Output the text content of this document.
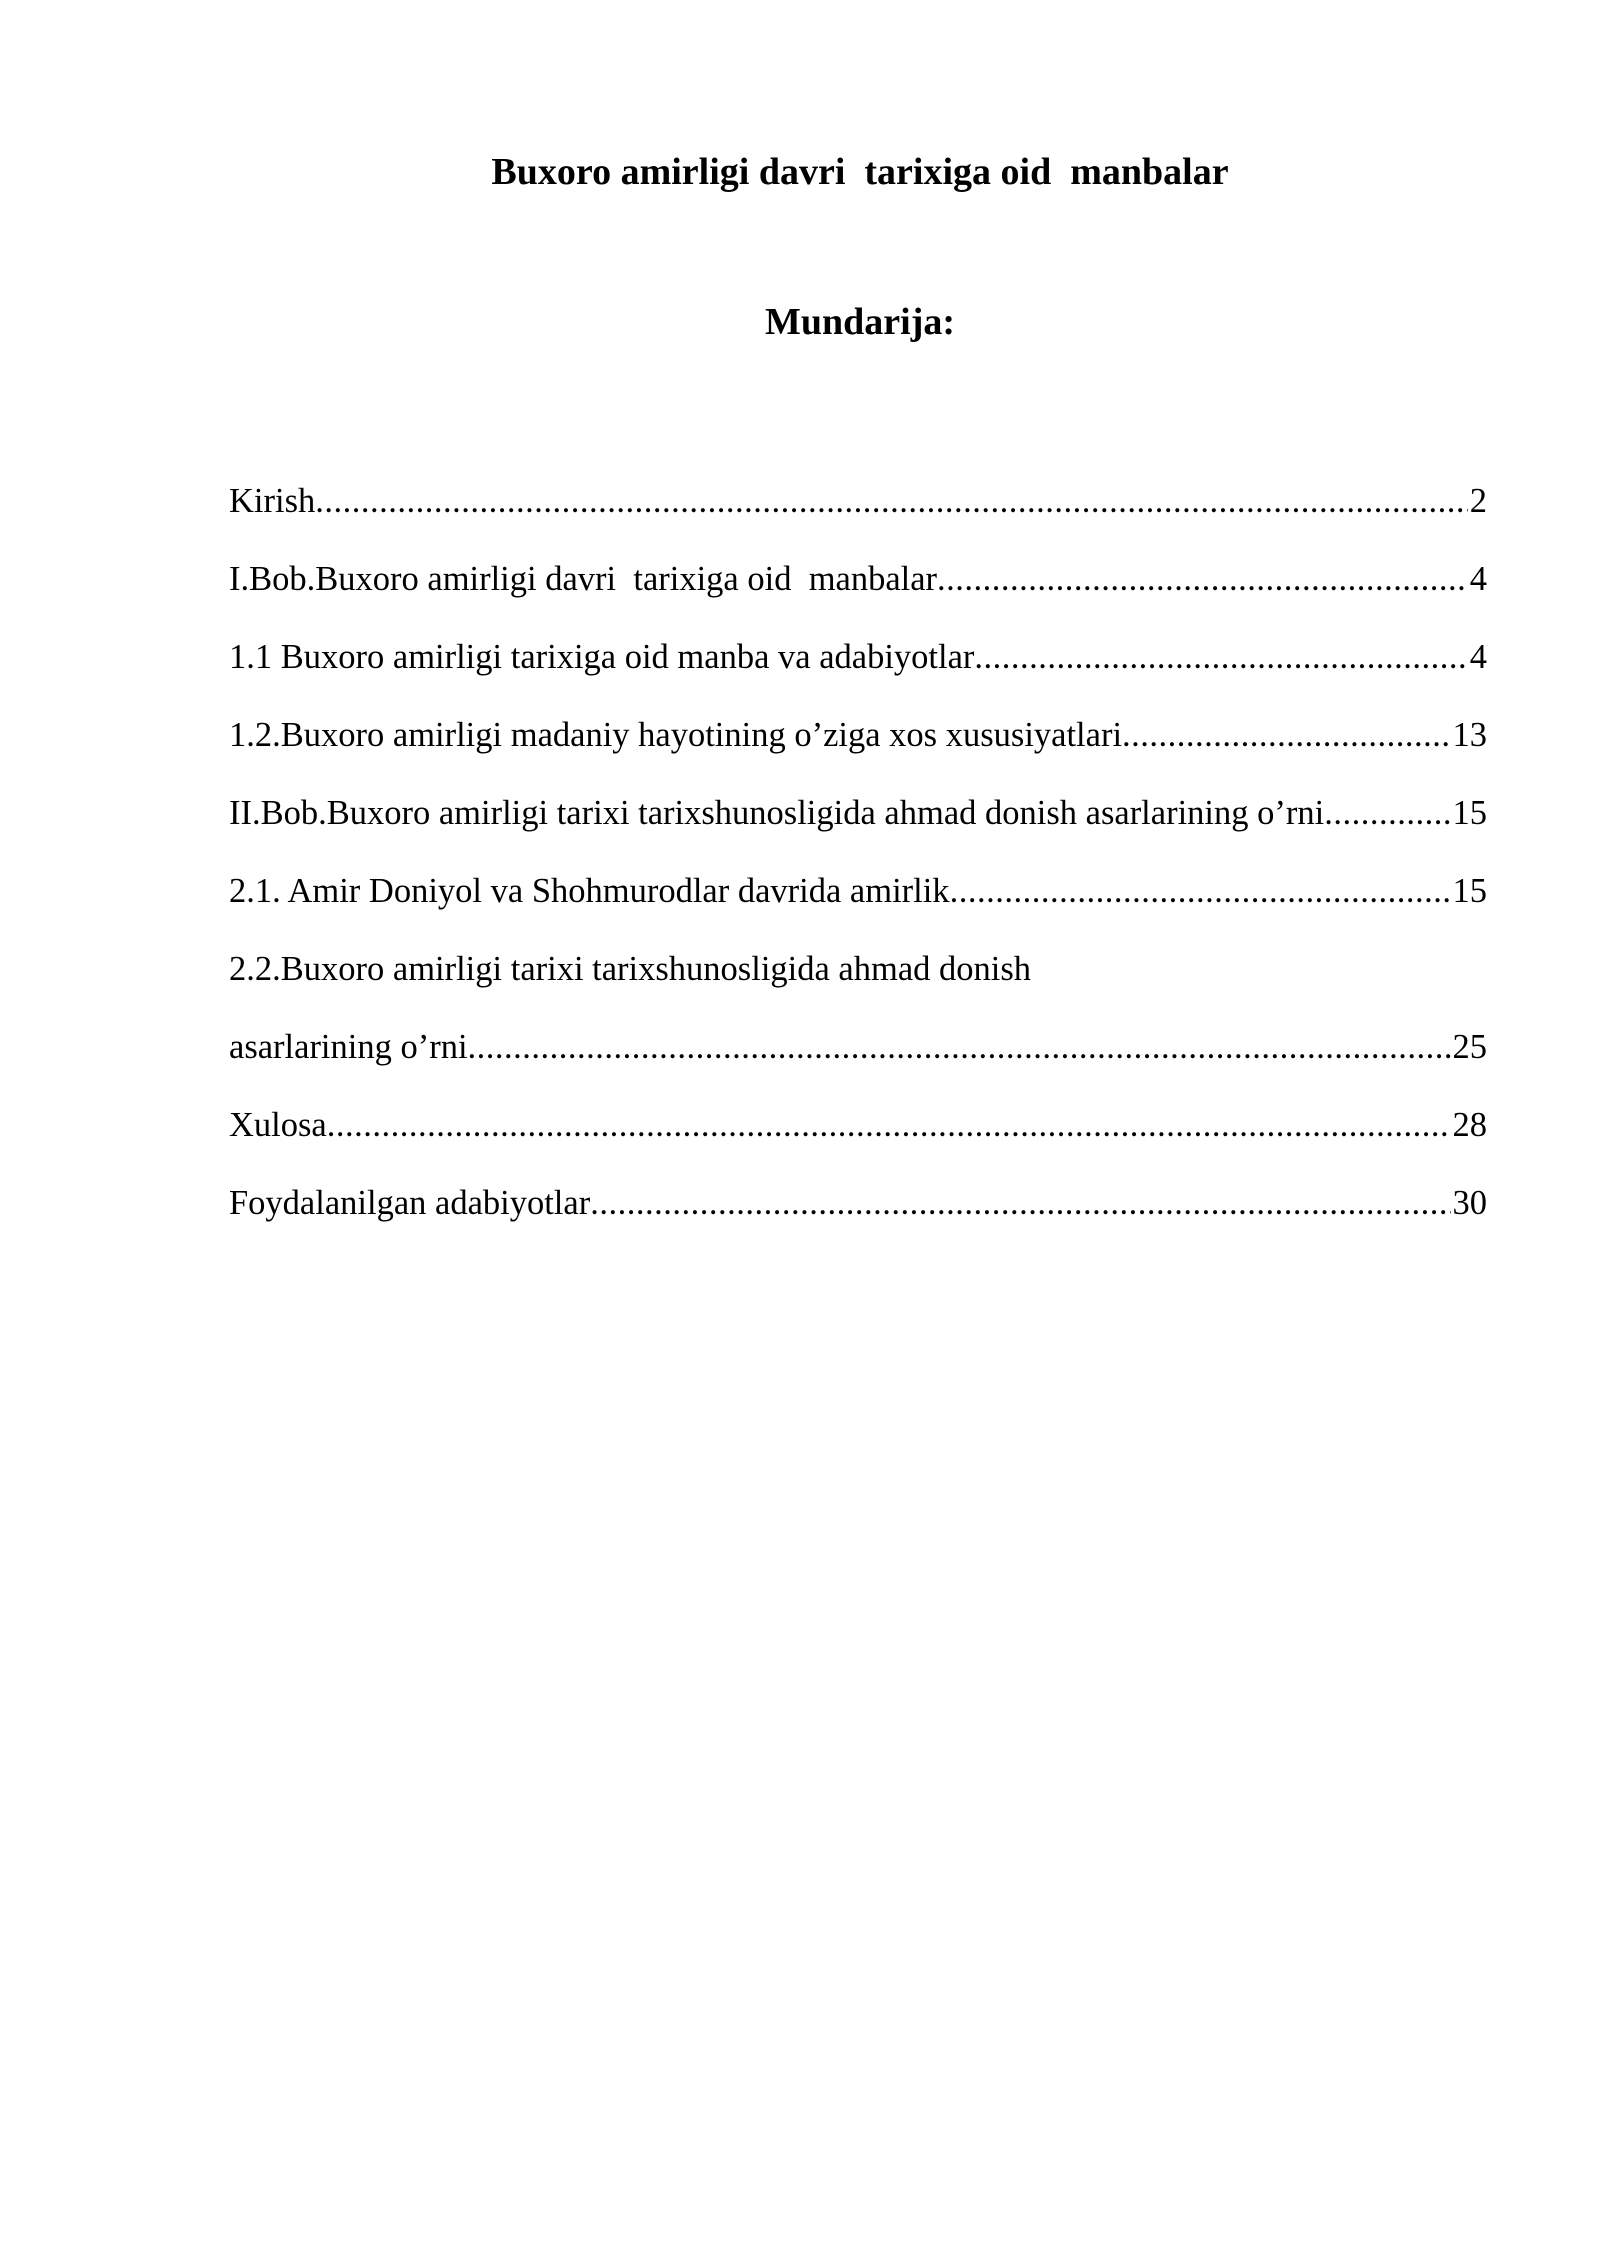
Buxoro amirligi davri  tarixiga oid  manbalar
Mundarija:
Kirish .....	2
I.Bob.Buxoro amirligi davri  tarixiga oid  manbalar .....	4
1.1 Buxoro amirligi tarixiga oid manba va adabiyotlar .....	4
1.2.Buxoro amirligi madaniy hayotining o’ziga xos xususiyatlari .....	13
II.Bob.Buxoro amirligi tarixi tarixshunosligida ahmad donish asarlarining o’rni .....	15
2.1. Amir Doniyol va Shohmurodlar davrida amirlik .....	15
2.2.Buxoro amirligi tarixi tarixshunosligida ahmad donish
asarlarining o’rni .....	25
Xulosa .....	28
Foydalanilgan adabiyotlar .....	30
